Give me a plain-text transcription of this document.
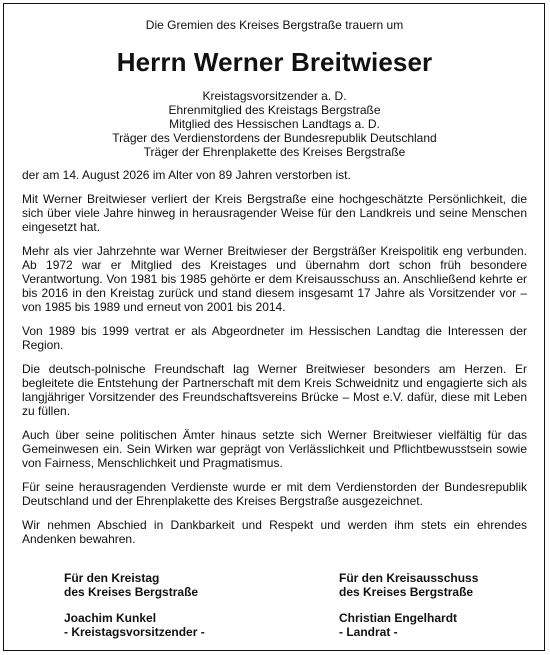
Die Gremien des Kreises Bergstraße trauern um

Herrn Werner Breitwieser
Kreistagsvorsitzender a. D.
Ehrenmitglied des Kreistags Bergstraße
Mitglied des Hessischen Landtags a. D.
Träger des Verdienstordens der Bundesrepublik Deutschland
Träger der Ehrenplakette des Kreises Bergstraße

der am 14. August 2026 im Alter von 89 Jahren verstorben ist.

Mit Werner Breitwieser verliert der Kreis Bergstraße eine hochgeschätzte Persönlichkeit, die sich über viele Jahre hinweg in herausragender Weise für den Landkreis und seine Menschen eingesetzt hat.

Mehr als vier Jahrzehnte war Werner Breitwieser der Bergsträßer Kreispolitik eng verbunden. Ab 1972 war er Mitglied des Kreistages und übernahm dort schon früh besondere Verantwortung. Von 1981 bis 1985 gehörte er dem Kreisausschuss an. Anschließend kehrte er bis 2016 in den Kreistag zurück und stand diesem insgesamt 17 Jahre als Vorsitzender vor – von 1985 bis 1989 und erneut von 2001 bis 2014.

Von 1989 bis 1999 vertrat er als Abgeordneter im Hessischen Landtag die Interessen der Region.

Die deutsch-polnische Freundschaft lag Werner Breitwieser besonders am Herzen. Er begleitete die Entstehung der Partnerschaft mit dem Kreis Schweidnitz und engagierte sich als langjähriger Vorsitzender des Freundschaftsvereins Brücke – Most e.V. dafür, diese mit Leben zu füllen.

Auch über seine politischen Ämter hinaus setzte sich Werner Breitwieser vielfältig für das Gemeinwesen ein. Sein Wirken war geprägt von Verlässlichkeit und Pflichtbewusstsein sowie von Fairness, Menschlichkeit und Pragmatismus.

Für seine herausragenden Verdienste wurde er mit dem Verdienstorden der Bundesrepublik Deutschland und der Ehrenplakette des Kreises Bergstraße ausgezeichnet.

Wir nehmen Abschied in Dankbarkeit und Respekt und werden ihm stets ein ehrendes Andenken bewahren.

Für den Kreistag
des Kreises Bergstraße
Joachim Kunkel
- Kreistagsvorsitzender -
Für den Kreisausschuss
des Kreises Bergstraße
Christian Engelhardt
- Landrat -
